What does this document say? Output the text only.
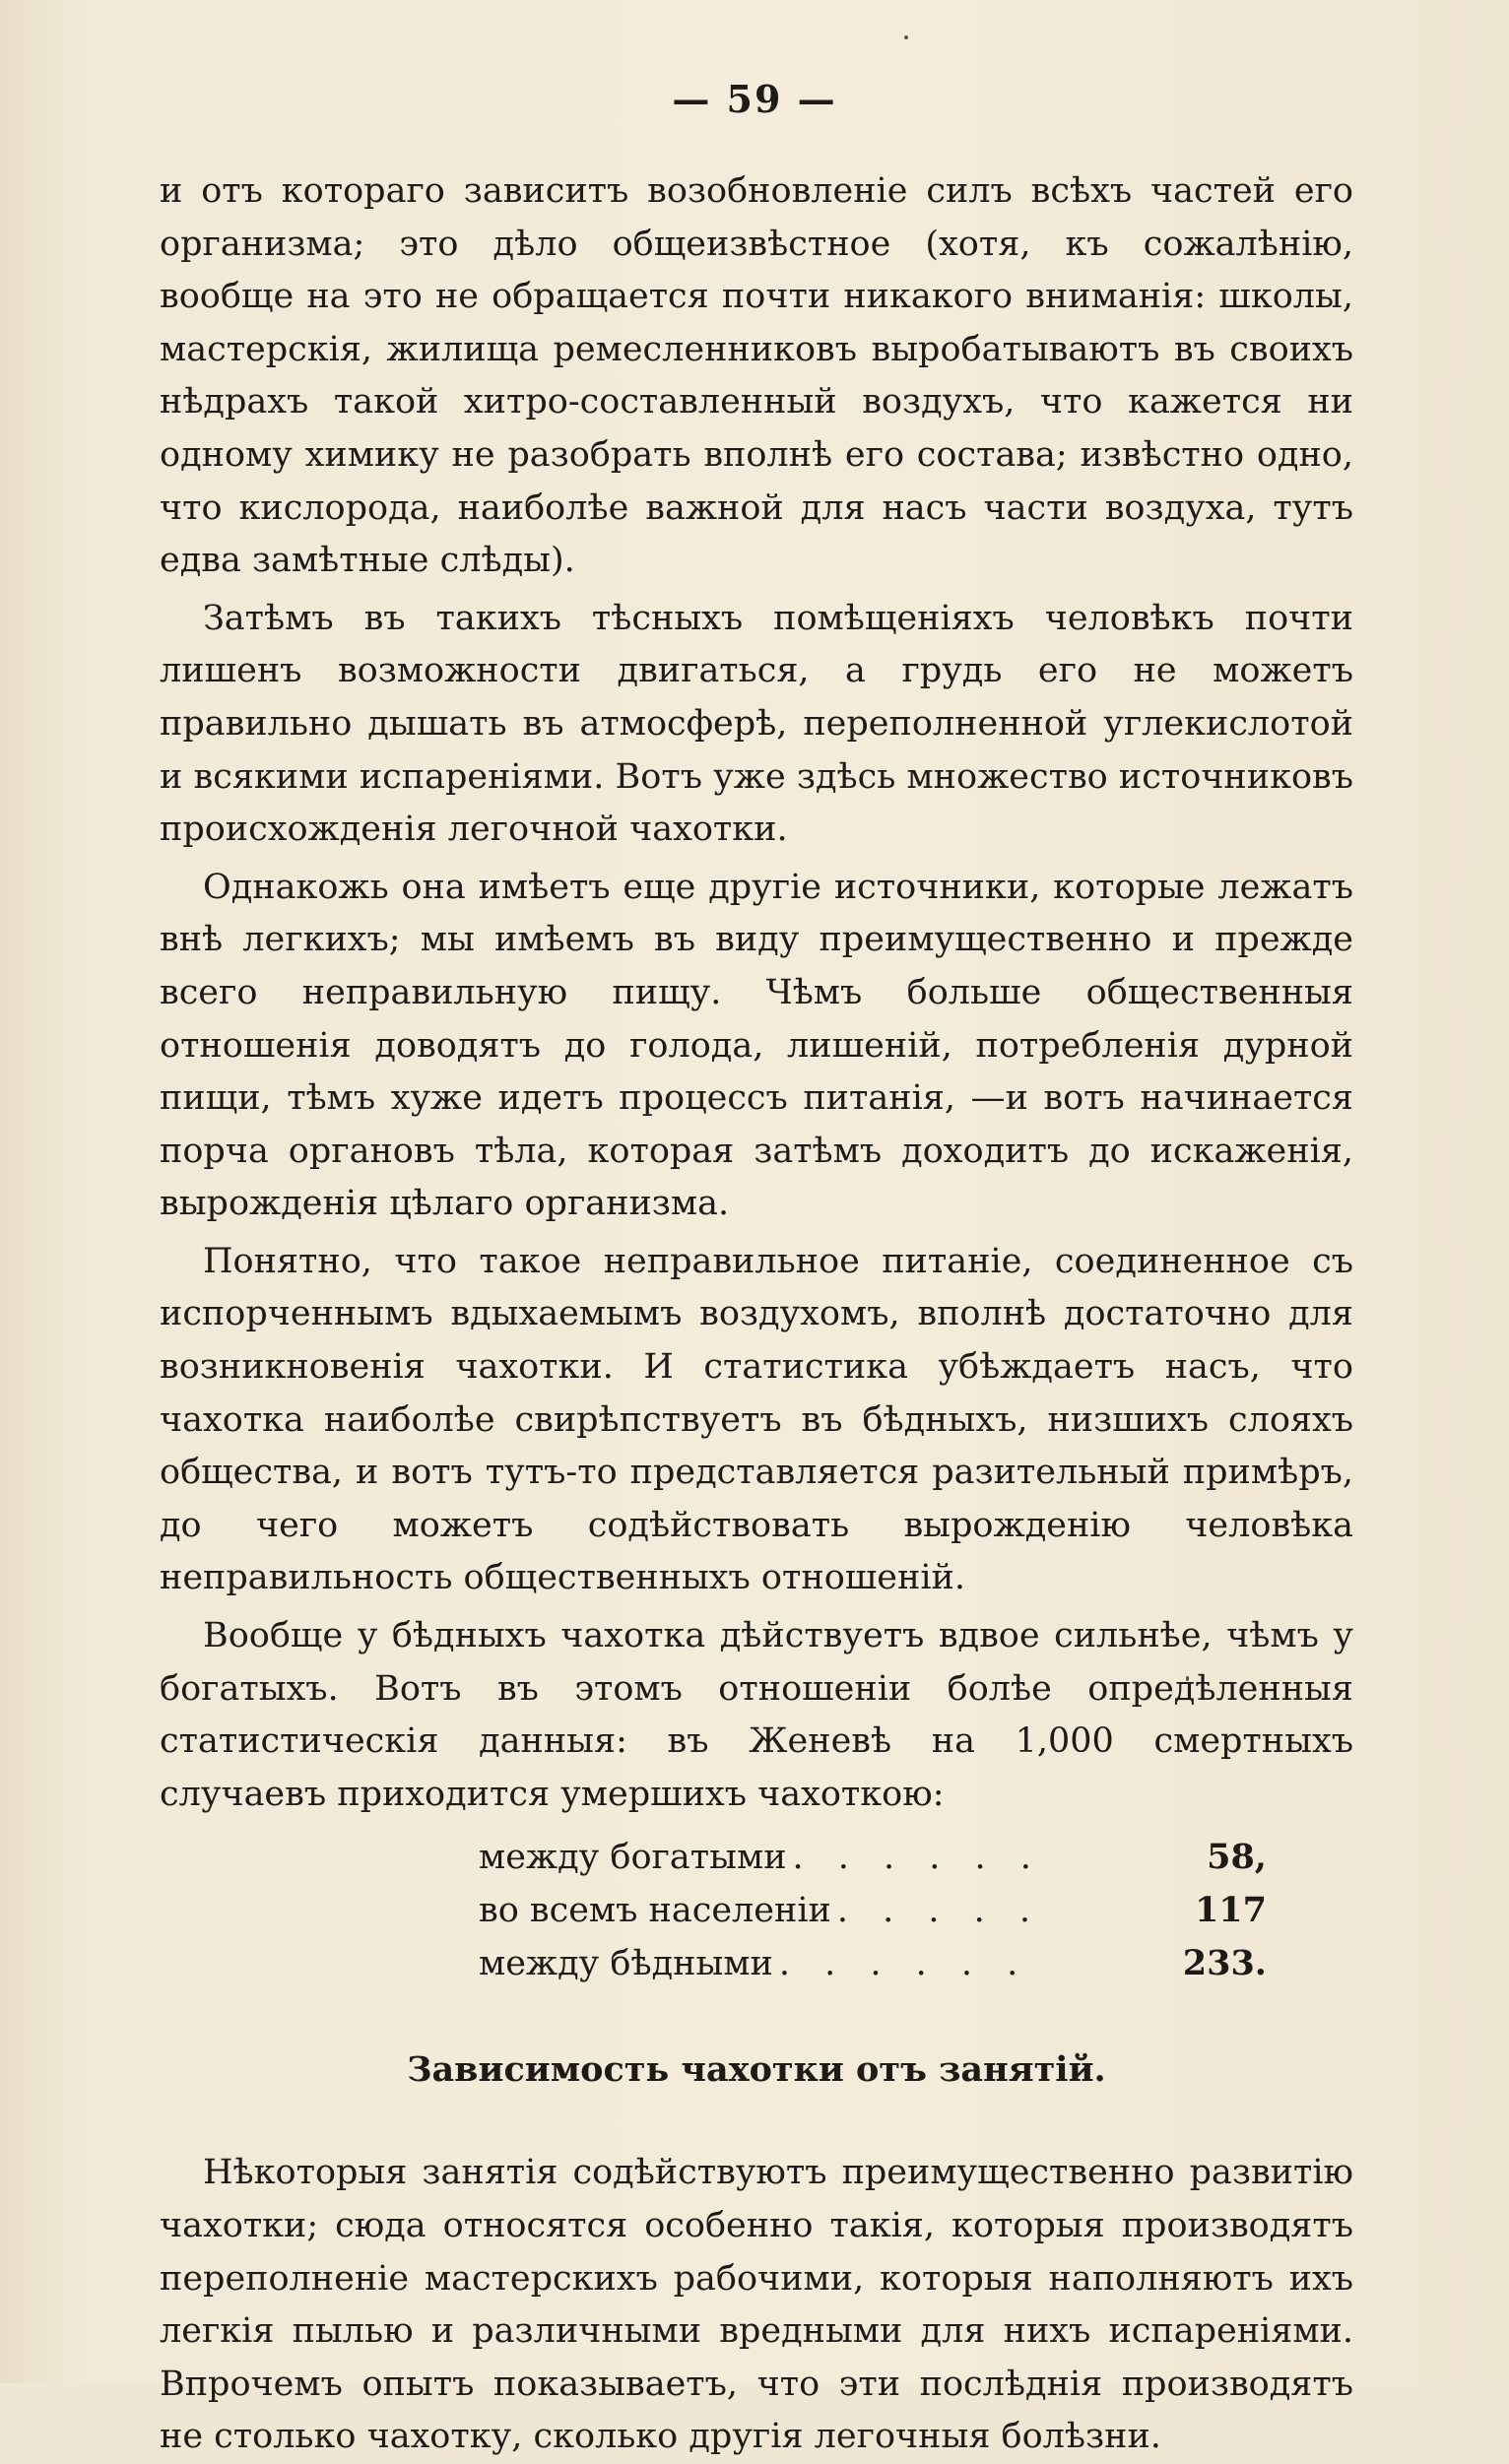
— 59 —

и отъ котораго зависитъ возобновленіе силъ всѣхъ частей его организма; это дѣло общеизвѣстное (хотя, къ сожалѣнію, вообще на это не обращается почти никакого вниманія: школы, мастерскія, жилища ремесленниковъ выробатываютъ въ своихъ нѣдрахъ такой хитро-составленный воздухъ, что кажется ни одному химику не разобрать вполнѣ его состава; извѣстно одно, что кислорода, наиболѣе важной для насъ части воздуха, тутъ едва замѣтные слѣды).

Затѣмъ въ такихъ тѣсныхъ помѣщеніяхъ человѣкъ почти лишенъ возможности двигаться, а грудь его не можетъ правильно дышать въ атмосферѣ, переполненной углекислотой и всякими испареніями. Вотъ уже здѣсь множество источниковъ происхожденія легочной чахотки.

Однакожь она имѣетъ еще другіе источники, которые лежатъ внѣ легкихъ; мы имѣемъ въ виду преимущественно и прежде всего неправильную пищу. Чѣмъ больше общественныя отношенія доводятъ до голода, лишеній, потребленія дурной пищи, тѣмъ хуже идетъ процессъ питанія, —и вотъ начинается порча органовъ тѣла, которая затѣмъ доходитъ до искаженія, вырожденія цѣлаго организма.

Понятно, что такое неправильное питаніе, соединенное съ испорченнымъ вдыхаемымъ воздухомъ, вполнѣ достаточно для возникновенія чахотки. И статистика убѣждаетъ насъ, что чахотка наиболѣе свирѣпствуетъ въ бѣдныхъ, низшихъ слояхъ общества, и вотъ тутъ-то представляется разительный примѣръ, до чего можетъ содѣйствовать вырожденію человѣка неправильность общественныхъ отношеній.

Вообще у бѣдныхъ чахотка дѣйствуетъ вдвое сильнѣе, чѣмъ у богатыхъ. Вотъ въ этомъ отношеніи болѣе опредѣленныя статистическія данныя: въ Женевѣ на 1,000 смертныхъ случаевъ приходится умершихъ чахоткою:

между богатыми . . . . . .	58,
во всемъ населеніи . . . . .	117
между бѣдными . . . . . .	233.
Зависимость чахотки отъ занятій.

Нѣкоторыя занятія содѣйствуютъ преимущественно развитію чахотки; сюда относятся особенно такія, которыя производятъ переполненіе мастерскихъ рабочими, которыя наполняютъ ихъ легкія пылью и различными вредными для нихъ испареніями. Впрочемъ опытъ показываетъ, что эти послѣднія производятъ не столько чахотку, сколько другія легочныя болѣзни.
